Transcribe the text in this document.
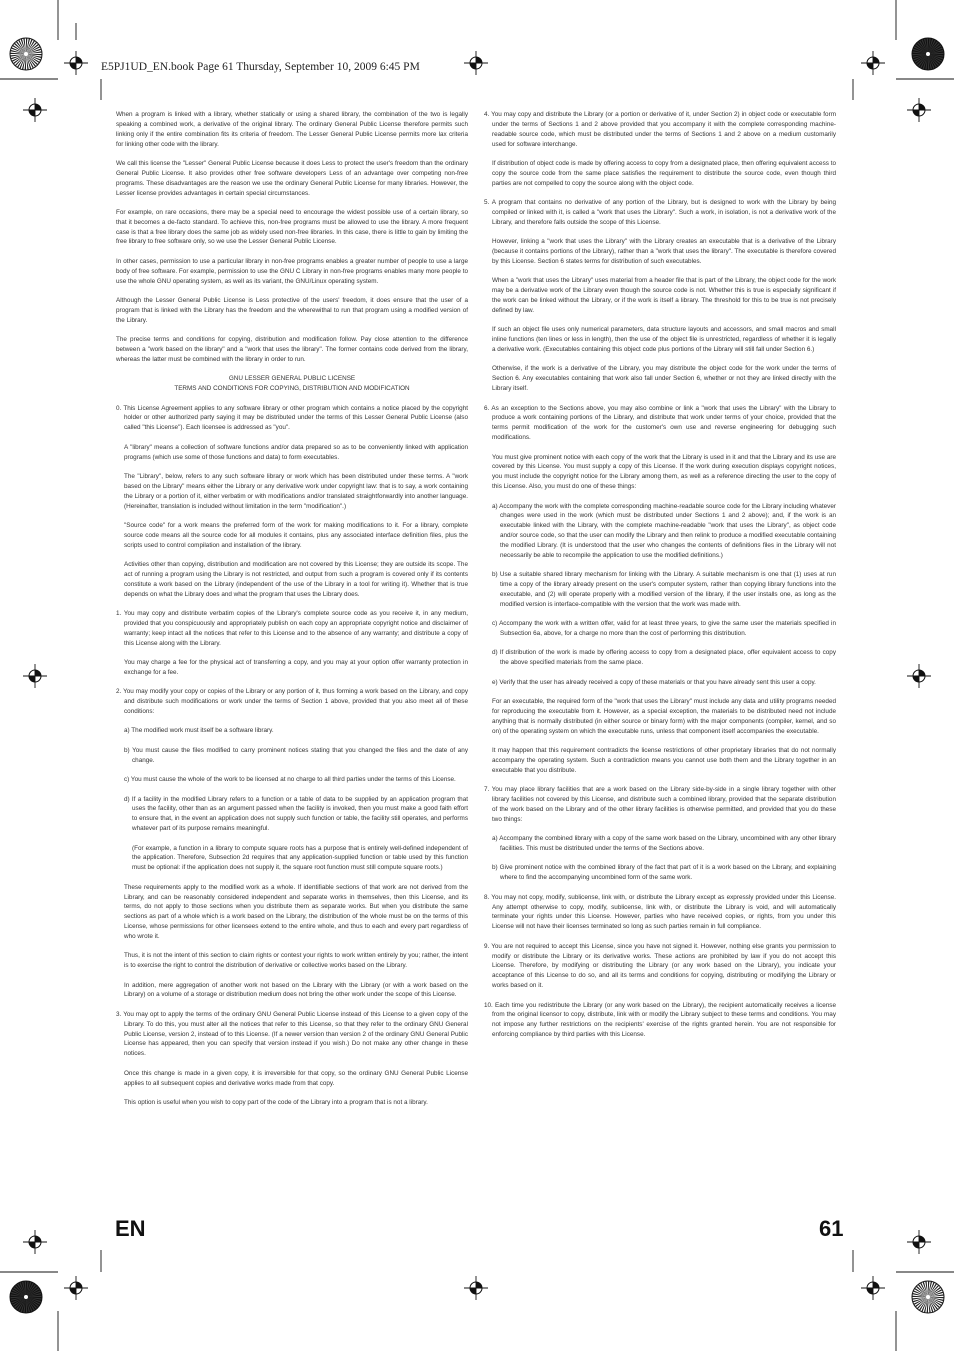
E5PJ1UD_EN.book Page 61 Thursday, September 10, 2009 6:45 PM

When a program is linked with a library, whether statically or using a shared library, the combination of the two is legally speaking a combined work, a derivative of the original library. The ordinary General Public License therefore permits such linking only if the entire combination fits its criteria of freedom. The Lesser General Public License permits more lax criteria for linking other code with the library.

We call this license the "Lesser" General Public License because it does Less to protect the user's freedom than the ordinary General Public License. It also provides other free software developers Less of an advantage over competing non-free programs. These disadvantages are the reason we use the ordinary General Public License for many libraries. However, the Lesser license provides advantages in certain special circumstances.

For example, on rare occasions, there may be a special need to encourage the widest possible use of a certain library, so that it becomes a de-facto standard. To achieve this, non-free programs must be allowed to use the library. A more frequent case is that a free library does the same job as widely used non-free libraries. In this case, there is little to gain by limiting the free library to free software only, so we use the Lesser General Public License.

In other cases, permission to use a particular library in non-free programs enables a greater number of people to use a large body of free software. For example, permission to use the GNU C Library in non-free programs enables many more people to use the whole GNU operating system, as well as its variant, the GNU/Linux operating system.

Although the Lesser General Public License is Less protective of the users' freedom, it does ensure that the user of a program that is linked with the Library has the freedom and the wherewithal to run that program using a modified version of the Library.

The precise terms and conditions for copying, distribution and modification follow. Pay close attention to the difference between a "work based on the library" and a "work that uses the library". The former contains code derived from the library, whereas the latter must be combined with the library in order to run.

GNU LESSER GENERAL PUBLIC LICENSE
TERMS AND CONDITIONS FOR COPYING, DISTRIBUTION AND MODIFICATION

0. This License Agreement applies to any software library or other program which contains a notice placed by the copyright holder or other authorized party saying it may be distributed under the terms of this Lesser General Public License (also called "this License"). Each licensee is addressed as "you".

A "library" means a collection of software functions and/or data prepared so as to be conveniently linked with application programs (which use some of those functions and data) to form executables.

The "Library", below, refers to any such software library or work which has been distributed under these terms. A "work based on the Library" means either the Library or any derivative work under copyright law: that is to say, a work containing the Library or a portion of it, either verbatim or with modifications and/or translated straightforwardly into another language. (Hereinafter, translation is included without limitation in the term "modification".)

"Source code" for a work means the preferred form of the work for making modifications to it. For a library, complete source code means all the source code for all modules it contains, plus any associated interface definition files, plus the scripts used to control compilation and installation of the library.

Activities other than copying, distribution and modification are not covered by this License; they are outside its scope. The act of running a program using the Library is not restricted, and output from such a program is covered only if its contents constitute a work based on the Library (independent of the use of the Library in a tool for writing it). Whether that is true depends on what the Library does and what the program that uses the Library does.

1. You may copy and distribute verbatim copies of the Library's complete source code as you receive it, in any medium, provided that you conspicuously and appropriately publish on each copy an appropriate copyright notice and disclaimer of warranty; keep intact all the notices that refer to this License and to the absence of any warranty; and distribute a copy of this License along with the Library.

You may charge a fee for the physical act of transferring a copy, and you may at your option offer warranty protection in exchange for a fee.

2. You may modify your copy or copies of the Library or any portion of it, thus forming a work based on the Library, and copy and distribute such modifications or work under the terms of Section 1 above, provided that you also meet all of these conditions:

a) The modified work must itself be a software library.

b) You must cause the files modified to carry prominent notices stating that you changed the files and the date of any change.

c) You must cause the whole of the work to be licensed at no charge to all third parties under the terms of this License.

d) If a facility in the modified Library refers to a function or a table of data to be supplied by an application program that uses the facility, other than as an argument passed when the facility is invoked, then you must make a good faith effort to ensure that, in the event an application does not supply such function or table, the facility still operates, and performs whatever part of its purpose remains meaningful.

(For example, a function in a library to compute square roots has a purpose that is entirely well-defined independent of the application. Therefore, Subsection 2d requires that any application-supplied function or table used by this function must be optional: if the application does not supply it, the square root function must still compute square roots.)

These requirements apply to the modified work as a whole. If identifiable sections of that work are not derived from the Library, and can be reasonably considered independent and separate works in themselves, then this License, and its terms, do not apply to those sections when you distribute them as separate works. But when you distribute the same sections as part of a whole which is a work based on the Library, the distribution of the whole must be on the terms of this License, whose permissions for other licensees extend to the entire whole, and thus to each and every part regardless of who wrote it.

Thus, it is not the intent of this section to claim rights or contest your rights to work written entirely by you; rather, the intent is to exercise the right to control the distribution of derivative or collective works based on the Library.

In addition, mere aggregation of another work not based on the Library with the Library (or with a work based on the Library) on a volume of a storage or distribution medium does not bring the other work under the scope of this License.

3. You may opt to apply the terms of the ordinary GNU General Public License instead of this License to a given copy of the Library. To do this, you must alter all the notices that refer to this License, so that they refer to the ordinary GNU General Public License, version 2, instead of to this License. (If a newer version than version 2 of the ordinary GNU General Public License has appeared, then you can specify that version instead if you wish.) Do not make any other change in these notices.

Once this change is made in a given copy, it is irreversible for that copy, so the ordinary GNU General Public License applies to all subsequent copies and derivative works made from that copy.

This option is useful when you wish to copy part of the code of the Library into a program that is not a library.

4. You may copy and distribute the Library (or a portion or derivative of it, under Section 2) in object code or executable form under the terms of Sections 1 and 2 above provided that you accompany it with the complete corresponding machine-readable source code, which must be distributed under the terms of Sections 1 and 2 above on a medium customarily used for software interchange.

If distribution of object code is made by offering access to copy from a designated place, then offering equivalent access to copy the source code from the same place satisfies the requirement to distribute the source code, even though third parties are not compelled to copy the source along with the object code.

5. A program that contains no derivative of any portion of the Library, but is designed to work with the Library by being compiled or linked with it, is called a "work that uses the Library". Such a work, in isolation, is not a derivative work of the Library, and therefore falls outside the scope of this License.

However, linking a "work that uses the Library" with the Library creates an executable that is a derivative of the Library (because it contains portions of the Library), rather than a "work that uses the library". The executable is therefore covered by this License. Section 6 states terms for distribution of such executables.

When a "work that uses the Library" uses material from a header file that is part of the Library, the object code for the work may be a derivative work of the Library even though the source code is not. Whether this is true is especially significant if the work can be linked without the Library, or if the work is itself a library. The threshold for this to be true is not precisely defined by law.

If such an object file uses only numerical parameters, data structure layouts and accessors, and small macros and small inline functions (ten lines or less in length), then the use of the object file is unrestricted, regardless of whether it is legally a derivative work. (Executables containing this object code plus portions of the Library will still fall under Section 6.)

Otherwise, if the work is a derivative of the Library, you may distribute the object code for the work under the terms of Section 6. Any executables containing that work also fall under Section 6, whether or not they are linked directly with the Library itself.

6. As an exception to the Sections above, you may also combine or link a "work that uses the Library" with the Library to produce a work containing portions of the Library, and distribute that work under terms of your choice, provided that the terms permit modification of the work for the customer's own use and reverse engineering for debugging such modifications.

You must give prominent notice with each copy of the work that the Library is used in it and that the Library and its use are covered by this License. You must supply a copy of this License. If the work during execution displays copyright notices, you must include the copyright notice for the Library among them, as well as a reference directing the user to the copy of this License. Also, you must do one of these things:

a) Accompany the work with the complete corresponding machine-readable source code for the Library including whatever changes were used in the work (which must be distributed under Sections 1 and 2 above); and, if the work is an executable linked with the Library, with the complete machine-readable "work that uses the Library", as object code and/or source code, so that the user can modify the Library and then relink to produce a modified executable containing the modified Library. (It is understood that the user who changes the contents of definitions files in the Library will not necessarily be able to recompile the application to use the modified definitions.)

b) Use a suitable shared library mechanism for linking with the Library. A suitable mechanism is one that (1) uses at run time a copy of the library already present on the user's computer system, rather than copying library functions into the executable, and (2) will operate properly with a modified version of the library, if the user installs one, as long as the modified version is interface-compatible with the version that the work was made with.

c) Accompany the work with a written offer, valid for at least three years, to give the same user the materials specified in Subsection 6a, above, for a charge no more than the cost of performing this distribution.

d) If distribution of the work is made by offering access to copy from a designated place, offer equivalent access to copy the above specified materials from the same place.

e) Verify that the user has already received a copy of these materials or that you have already sent this user a copy.

For an executable, the required form of the "work that uses the Library" must include any data and utility programs needed for reproducing the executable from it. However, as a special exception, the materials to be distributed need not include anything that is normally distributed (in either source or binary form) with the major components (compiler, kernel, and so on) of the operating system on which the executable runs, unless that component itself accompanies the executable.

It may happen that this requirement contradicts the license restrictions of other proprietary libraries that do not normally accompany the operating system. Such a contradiction means you cannot use both them and the Library together in an executable that you distribute.

7. You may place library facilities that are a work based on the Library side-by-side in a single library together with other library facilities not covered by this License, and distribute such a combined library, provided that the separate distribution of the work based on the Library and of the other library facilities is otherwise permitted, and provided that you do these two things:

a) Accompany the combined library with a copy of the same work based on the Library, uncombined with any other library facilities. This must be distributed under the terms of the Sections above.

b) Give prominent notice with the combined library of the fact that part of it is a work based on the Library, and explaining where to find the accompanying uncombined form of the same work.

8. You may not copy, modify, sublicense, link with, or distribute the Library except as expressly provided under this License. Any attempt otherwise to copy, modify, sublicense, link with, or distribute the Library is void, and will automatically terminate your rights under this License. However, parties who have received copies, or rights, from you under this License will not have their licenses terminated so long as such parties remain in full compliance.

9. You are not required to accept this License, since you have not signed it. However, nothing else grants you permission to modify or distribute the Library or its derivative works. These actions are prohibited by law if you do not accept this License. Therefore, by modifying or distributing the Library (or any work based on the Library), you indicate your acceptance of this License to do so, and all its terms and conditions for copying, distributing or modifying the Library or works based on it.

10. Each time you redistribute the Library (or any work based on the Library), the recipient automatically receives a license from the original licensor to copy, distribute, link with or modify the Library subject to these terms and conditions. You may not impose any further restrictions on the recipients' exercise of the rights granted herein. You are not responsible for enforcing compliance by third parties with this License.

EN	61
